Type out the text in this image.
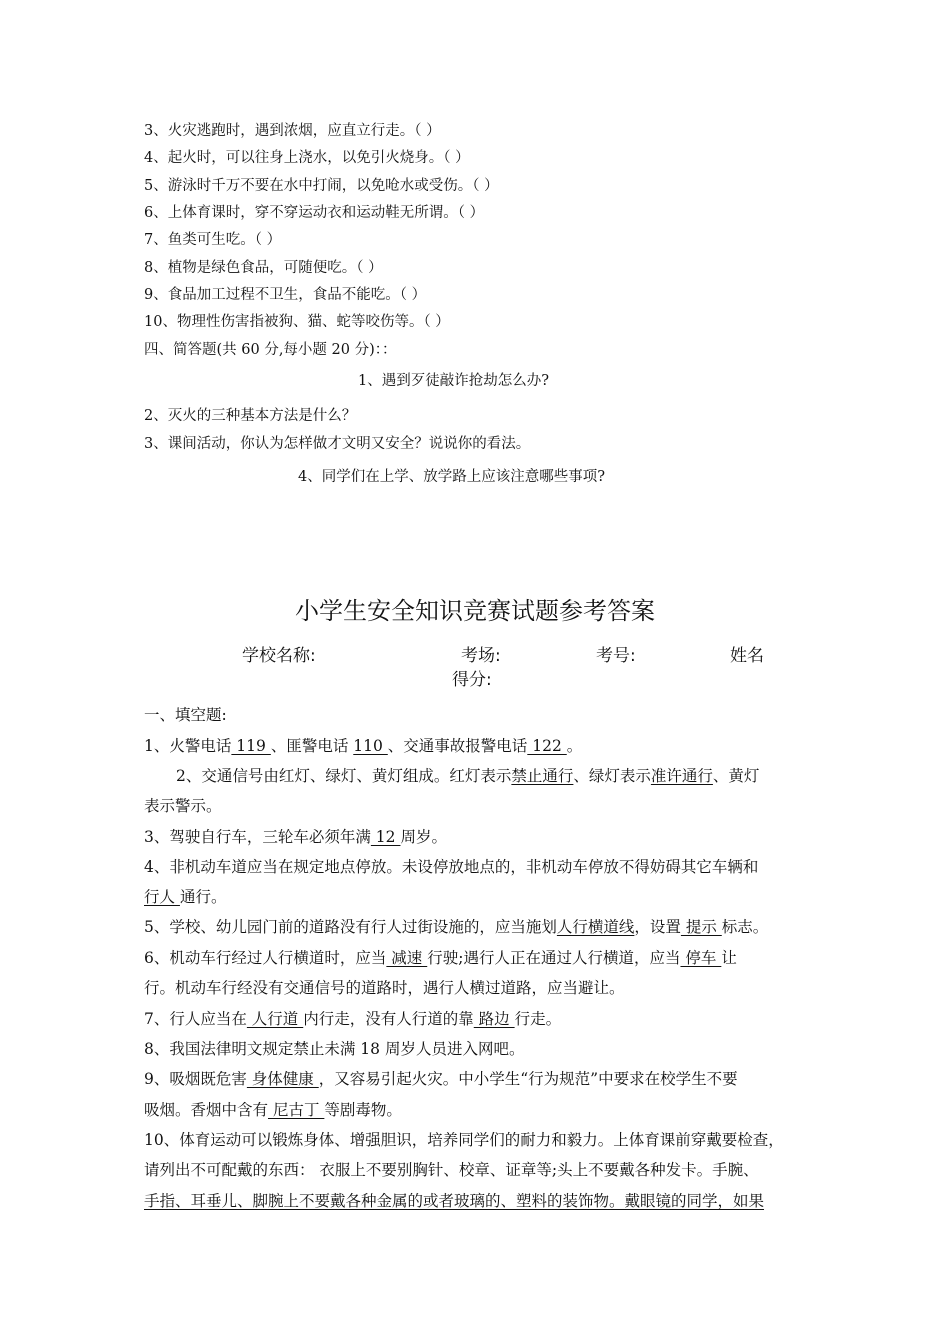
3、火灾逃跑时，遇到浓烟，应直立行走。（ ）
4、起火时，可以往身上浇水，以免引火烧身。（ ）
5、游泳时千万不要在水中打闹，以免呛水或受伤。（ ）
6、上体育课时，穿不穿运动衣和运动鞋无所谓。（ ）
7、鱼类可生吃。（ ）
8、植物是绿色食品，可随便吃。（ ）
9、食品加工过程不卫生，食品不能吃。（ ）
10、物理性伤害指被狗、猫、蛇等咬伤等。（ ）
四、简答题(共 60 分,每小题 20 分)：：
1、遇到歹徒敲诈抢劫怎么办?
2、灭火的三种基本方法是什么？
3、课间活动，你认为怎样做才文明又安全？说说你的看法。
4、同学们在上学、放学路上应该注意哪些事项?
小学生安全知识竞赛试题参考答案
学校名称:	考场:	考号:	姓名
得分:
一、填空题:
1、火警电话 119 、匪警电话 110 、交通事故报警电话 122 。
2、交通信号由红灯、绿灯、黄灯组成。红灯表示禁止通行、绿灯表示准许通行、黄灯
表示警示。
3、驾驶自行车，三轮车必须年满 12 周岁。
4、非机动车道应当在规定地点停放。未设停放地点的，非机动车停放不得妨碍其它车辆和
行人 通行。
5、学校、幼儿园门前的道路没有行人过街设施的，应当施划人行横道线，设置 提示 标志。
6、机动车行经过人行横道时，应当 减速 行驶;遇行人正在通过人行横道，应当 停车 让
行。机动车行经没有交通信号的道路时，遇行人横过道路，应当避让。
7、行人应当在 人行道 内行走，没有人行道的靠 路边 行走。
8、我国法律明文规定禁止未满 18 周岁人员进入网吧。
9、吸烟既危害 身体健康 ，又容易引起火灾。中小学生“行为规范”中要求在校学生不要
吸烟。香烟中含有 尼古丁 等剧毒物。
10、体育运动可以锻炼身体、增强胆识，培养同学们的耐力和毅力。上体育课前穿戴要检查，
请列出不可配戴的东西： 衣服上不要别胸针、校章、证章等;头上不要戴各种发卡。手腕、
手指、耳垂儿、脚腕上不要戴各种金属的或者玻璃的、塑料的装饰物。戴眼镜的同学，如果
